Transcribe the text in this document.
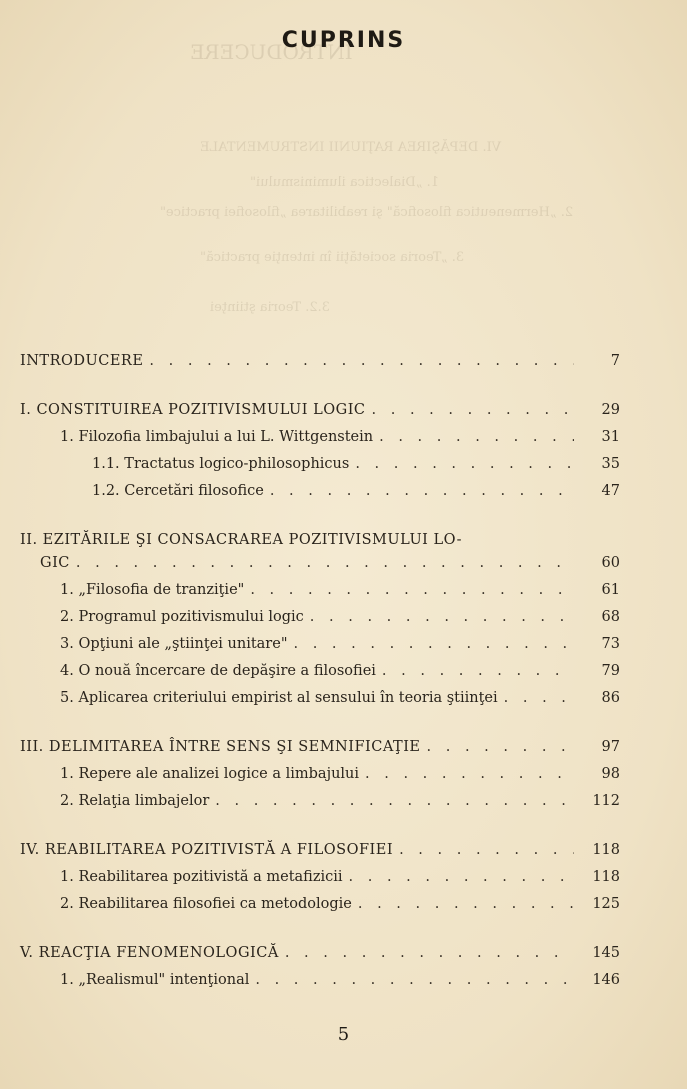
INTRODUCERE
VI. DEPĂŞIREA RAŢIUNII INSTRUMENTALE
1. „Dialectica iluminismului"
2. „Hermeneutica filosofică" şi reabilitarea „filosofiei practice"
3. „Teoria societăţii în intenţie practică"
3.2. Teoria ştiinţei
CUPRINS
INTRODUCERE . . .	7
I. CONSTITUIREA POZITIVISMULUI LOGIC . . .	29
1. Filozofia limbajului a lui L. Wittgenstein . . .	31
1.1. Tractatus logico-philosophicus . . .	35
1.2. Cercetări filosofice . . .	47
II. EZITĂRILE ŞI CONSACRAREA POZITIVISMULUI LO-
GIC . . .	60
1. „Filosofia de tranziţie" . . .	61
2. Programul pozitivismului logic . . .	68
3. Opţiuni ale „ştiinţei unitare" . . .	73
4. O nouă încercare de depăşire a filosofiei . . .	79
5. Aplicarea criteriului empirist al sensului în teoria ştiinţei . . .	86
III. DELIMITAREA ÎNTRE SENS ŞI SEMNIFICAŢIE . . .	97
1. Repere ale analizei logice a limbajului . . .	98
2. Relaţia limbajelor . . .	112
IV. REABILITAREA POZITIVISTĂ A FILOSOFIEI . . .	118
1. Reabilitarea pozitivistă a metafizicii . . .	118
2. Reabilitarea filosofiei ca metodologie . . .	125
V. REACŢIA FENOMENOLOGICĂ . . .	145
1. „Realismul" intenţional . . .	146
5
